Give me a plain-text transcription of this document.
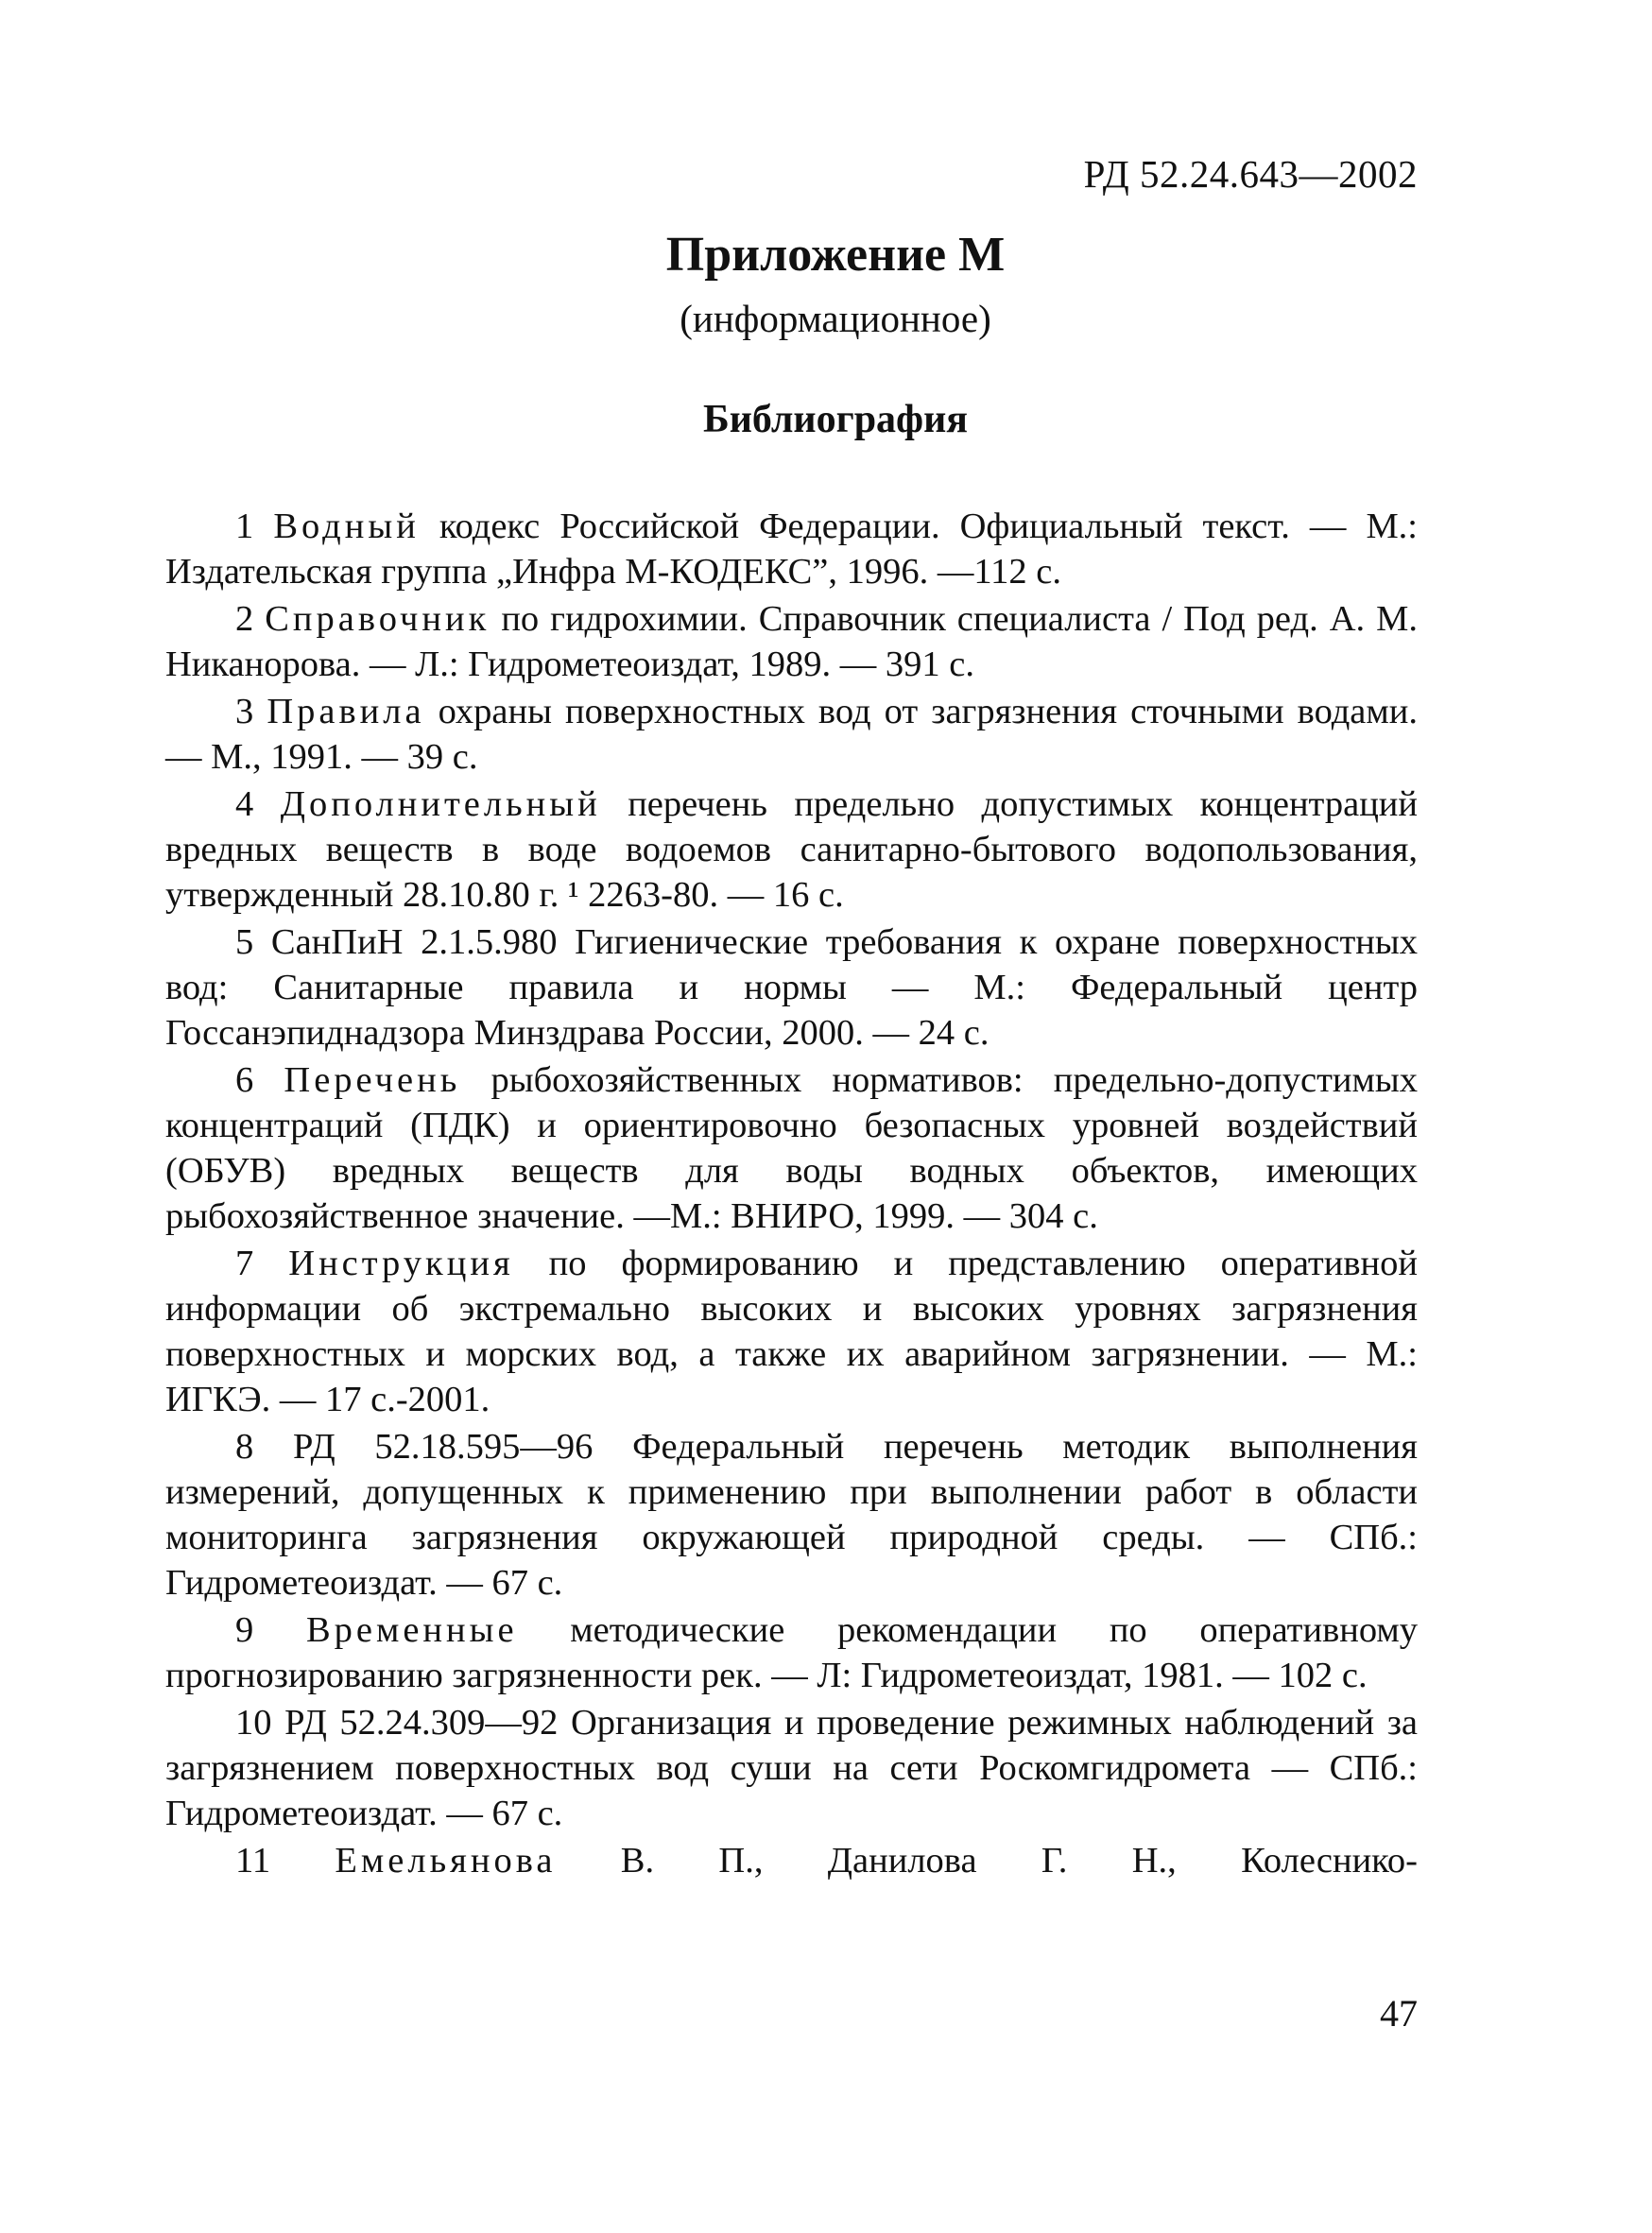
РД 52.24.643—2002
Приложение М
(информационное)
Библиография
1 Водный кодекс Российской Федерации. Официальный текст. — М.: Издательская группа „Инфра М-КОДЕКС”, 1996. —112 с.
2 Справочник по гидрохимии. Справочник специалиста / Под ред. А. М. Никанорова. — Л.: Гидрометеоиздат, 1989. — 391 с.
3 Правила охраны поверхностных вод от загрязнения сточными водами. — М., 1991. — 39 с.
4 Дополнительный перечень предельно допустимых концентраций вредных веществ в воде водоемов санитарно-бытового водопользования, утвержденный 28.10.80 г. ¹ 2263-80. — 16 с.
5 СанПиН 2.1.5.980 Гигиенические требования к охране поверхностных вод: Санитарные правила и нормы — М.: Федеральный центр Госсанэпиднадзора Минздрава России, 2000. — 24 с.
6 Перечень рыбохозяйственных нормативов: предельно-допустимых концентраций (ПДК) и ориентировочно безопасных уровней воздействий (ОБУВ) вредных веществ для воды водных объектов, имеющих рыбохозяйственное значение. —М.: ВНИРО, 1999. — 304 с.
7 Инструкция по формированию и представлению оперативной информации об экстремально высоких и высоких уровнях загрязнения поверхностных и морских вод, а также их аварийном загрязнении. — М.: ИГКЭ. — 17 с.-2001.
8 РД 52.18.595—96 Федеральный перечень методик выполнения измерений, допущенных к применению при выполнении работ в области мониторинга загрязнения окружающей природной среды. — СПб.: Гидрометеоиздат. — 67 с.
9 Временные методические рекомендации по оперативному прогнозированию загрязненности рек. — Л: Гидрометеоиздат, 1981. — 102 с.
10 РД 52.24.309—92 Организация и проведение режимных наблюдений за загрязнением поверхностных вод суши на сети Роскомгидромета — СПб.: Гидрометеоиздат. — 67 с.
11 Емельянова В. П., Данилова Г. Н., Колеснико-
47
